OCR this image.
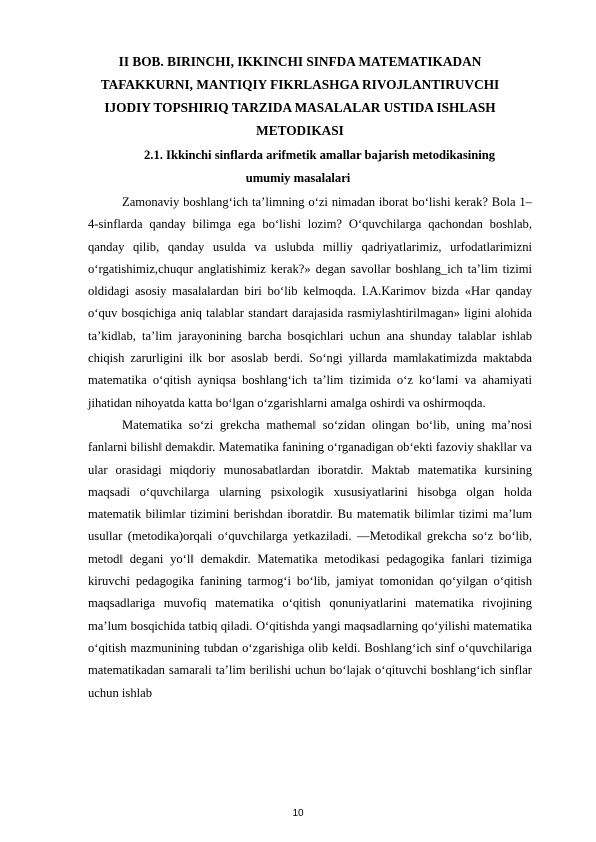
II BOB. BIRINCHI, IKKINCHI SINFDA MATEMATIKADAN
TAFAKKURNI, MANTIQIY FIKRLASHGA RIVOJLANTIRUVCHI
IJODIY TOPSHIRIQ TARZIDA MASALALAR USTIDA ISHLASH
METODIKASI
2.1. Ikkinchi sinflarda arifmetik amallar bajarish metodikasining
umumiy masalalari

Zamonaviy boshlang‘ich ta’limning o‘zi nimadan iborat bo‘lishi kerak? Bola 1–4-sinflarda qanday bilimga ega bo‘lishi lozim? O‘quvchilarga qachondan boshlab, qanday qilib, qanday usulda va uslubda milliy qadriyatlarimiz, urfodatlarimizni o‘rgatishimiz,chuqur anglatishimiz kerak?» degan savollar boshlang_ich ta’lim tizimi oldidagi asosiy masalalardan biri bo‘lib kelmoqda. I.A.Karimov bizda «Har qanday o‘quv bosqichiga aniq talablar standart darajasida rasmiylashtirilmagan» ligini alohida ta’kidlab, ta’lim jarayonining barcha bosqichlari uchun ana shunday talablar ishlab chiqish zarurligini ilk bor asoslab berdi. So‘ngi yillarda mamlakatimizda maktabda matematika o‘qitish ayniqsa boshlang‘ich ta’lim tizimida o‘z ko‘lami va ahamiyati jihatidan nihoyatda katta bo‘lgan o‘zgarishlarni amalga oshirdi va oshirmoqda.

Matematika so‘zi grekcha mathema‖ so‘zidan olingan bo‘lib, uning ma’nosi fanlarni bilish‖ demakdir. Matematika fanining o‘rganadigan ob‘ekti fazoviy shakllar va ular orasidagi miqdoriy munosabatlardan iboratdir. Maktab matematika kursining maqsadi o‘quvchilarga ularning psixologik xususiyatlarini hisobga olgan holda matematik bilimlar tizimini berishdan iboratdir. Bu matematik bilimlar tizimi ma’lum usullar (metodika)orqali o‘quvchilarga yetkaziladi. ―Metodika‖ grekcha so‘z bo‘lib, metod‖ degani yo‘l‖ demakdir. Matematika metodikasi pedagogika fanlari tizimiga kiruvchi pedagogika fanining tarmog‘i bo‘lib, jamiyat tomonidan qo‘yilgan o‘qitish maqsadlariga muvofiq matematika o‘qitish qonuniyatlarini matematika rivojining ma’lum bosqichida tatbiq qiladi. O‘qitishda yangi maqsadlarning qo‘yilishi matematika o‘qitish mazmunining tubdan o‘zgarishiga olib keldi. Boshlang‘ich sinf o‘quvchilariga matematikadan samarali ta’lim berilishi uchun bo‘lajak o‘qituvchi boshlang‘ich sinflar uchun ishlab

10
